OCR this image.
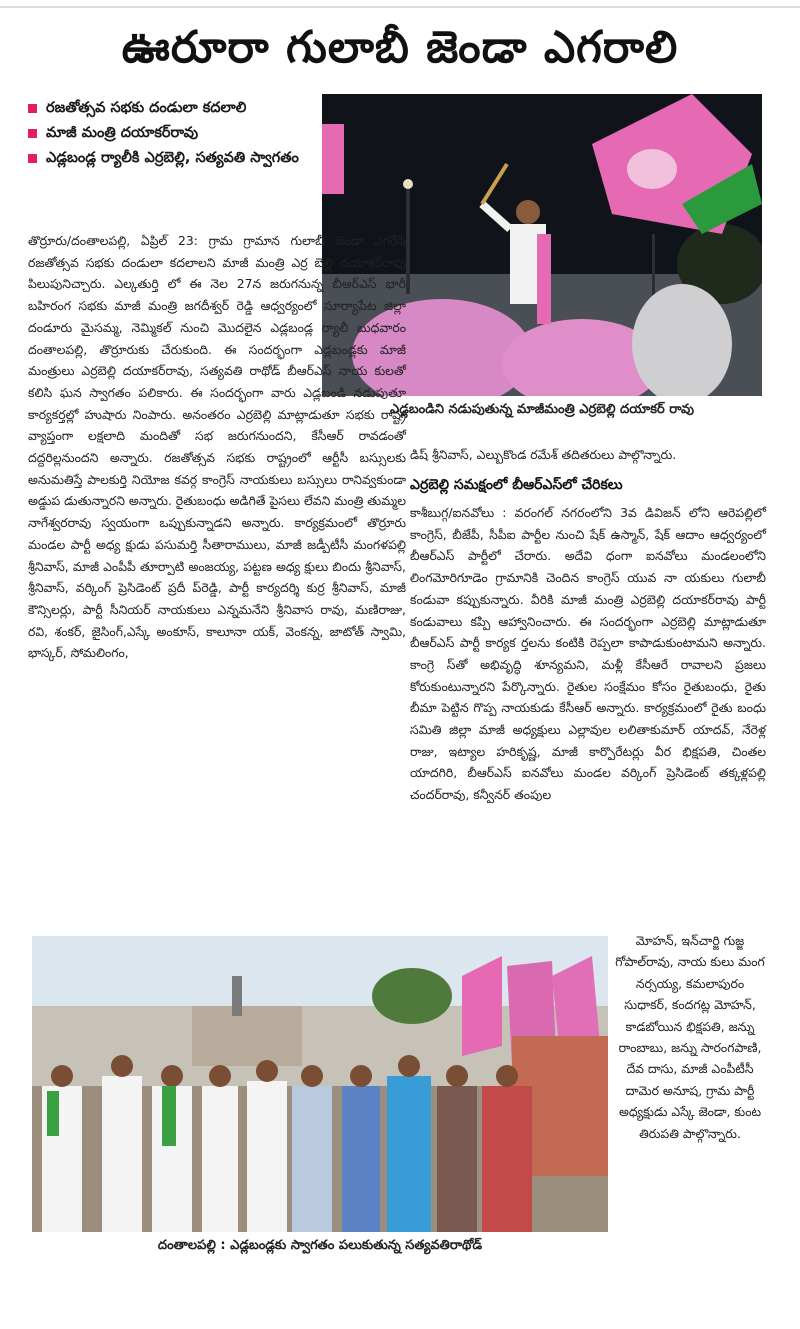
ఊరూరా గులాబీ జెండా ఎగరాలి
రజతోత్సవ సభకు దండులా కదలాలి
మాజీ మంత్రి దయాకర్‌రావు
ఎడ్లబండ్ల ర్యాలీకి ఎర్రబెల్లి, సత్యవతి స్వాగతం
ఎడ్లబండిని నడుపుతున్న మాజీమంత్రి ఎర్రబెల్లి దయాకర్ రావు
తొర్రూరు/దంతాలపల్లి, ఏప్రిల్ 23: గ్రామ గ్రామాన గులాబీ జెండా ఎగరేసి రజతోత్సవ సభకు దండులా కదలాలని మాజీ మంత్రి ఎర్ర బెల్లి దయాకర్‌రావు పిలుపునిచ్చారు. ఎల్కతుర్తి లో ఈ నెల 27న జరుగనున్న బీఆర్‌ఎస్ భారీ బహిరంగ సభకు మాజీ మంత్రి జగదీశ్వర్ రెడ్డి ఆధ్వర్యంలో సూర్యాపేట జిల్లా దండూరు మైసమ్మ, నెమ్మికల్ నుంచి మొదలైన ఎడ్లబండ్ల ర్యాలీ బుధవారం దంతాలపల్లి, తొర్రూరుకు చేరుకుంది. ఈ సందర్భంగా ఎడ్లబండ్లకు మాజీ మంత్రులు ఎర్రబెల్లి దయాకర్‌రావు, సత్యవతి రాథోడ్ బీఆర్‌ఎస్ నాయ కులతో కలిసి ఘన స్వాగతం పలికారు. ఈ సందర్భంగా వారు ఎడ్లబండి నడుపుతూ కార్యకర్తల్లో హుషారు నింపారు. అనంతరం ఎర్రబెల్లి మాట్లాడుతూ సభకు రాష్ట్ర వ్యాప్తంగా లక్షలాది మందితో సభ జరుగనుందని, కేసీఆర్ రావడంతో దద్దరిల్లనుందని అన్నారు. రజతోత్సవ సభకు రాష్ట్రంలో ఆర్టీసీ బస్సులకు అనుమతిస్తే పాలకుర్తి నియోజ కవర్గ కాంగ్రెస్ నాయకులు బస్సులు రానివ్వకుండా అడ్డుప డుతున్నారని అన్నారు. రైతుబంధు అడిగితే పైసలు లేవని మంత్రి తుమ్మల నాగేశ్వరరావు స్వయంగా ఒప్పుకున్నాడని అన్నారు. కార్యక్రమంలో తొర్రూరు మండల పార్టీ అధ్య క్షుడు పసుమర్తి సీతారాములు, మాజీ జడ్పీటీసీ మంగళపల్లి శ్రీనివాస్, మాజీ ఎంపీపీ తూర్పాటి అంజయ్య, పట్టణ అధ్య క్షులు బిందు శ్రీనివాస్, శ్రీనివాస్, వర్కింగ్ ప్రెసిడెంట్ ప్రదీ ప్‌రెడ్డి, పార్టీ కార్యదర్శి కుర్ర శ్రీనివాస్, మాజీ కౌన్సిలర్లు, పార్టీ సీనియర్ నాయకులు ఎన్నమనేని శ్రీనివాస రావు, మణిరాజు, రవి, శంకర్, జైసింగ్,ఎస్కే అంకూస్, కాలూనా యక్, వెంకన్న, జాటోత్ స్వామి, భాస్కర్, సోమలింగం,
డిష్ శ్రీనివాస్, ఎల్బుకొండ రమేశ్ తదితరులు పాల్గొన్నారు.
ఎర్రబెల్లి సమక్షంలో బీఆర్‌ఎస్‌లో చేరికలు
కాశీబుగ్గ/ఐనవోలు : వరంగల్ నగరంలోని 3వ డివిజన్ లోని ఆరెపల్లిలో కాంగ్రెస్, బీజేపీ, సీపీఐ పార్టీల నుంచి షేక్ ఉస్మాన్, షేక్ ఆదాం ఆధ్వర్యంలో బీఆర్‌ఎస్ పార్టీలో చేరారు. అదేవి ధంగా ఐనవోలు మండలంలోని లింగమోరిగూడెం గ్రామానికి చెందిన కాంగ్రెస్ యువ నా యకులు గులాబీ కండువా కప్పుకున్నారు. వీరికి మాజీ మంత్రి ఎర్రబెల్లి దయాకర్‌రావు పార్టీ కండువాలు కప్పి ఆహ్వానించారు. ఈ సందర్భంగా ఎర్రబెల్లి మాట్లాడుతూ బీఆర్‌ఎస్ పార్టీ కార్యక ర్తలను కంటికి రెప్పలా కాపాడుకుంటామని అన్నారు. కాంగ్రె స్‌తో అభివృద్ధి శూన్యమని, మళ్లీ కేసీఆరే రావాలని ప్రజలు కోరుకుంటున్నారని పేర్కొన్నారు. రైతుల సంక్షేమం కోసం రైతుబంధు, రైతు బీమా పెట్టిన గొప్ప నాయకుడు కేసీఆర్ అన్నారు. కార్యక్రమంలో రైతు బంధు సమితి జిల్లా మాజీ అధ్యక్షులు ఎల్లావుల లలితాకుమార్ యాదవ్, నేరెళ్ల రాజు, ఇట్యాల హరికృష్ణ, మాజీ కార్పొరేటర్లు వీర భిక్షపతి, చింతల యాదగిరి, బీఆర్‌ఎస్ ఐనవోలు మండల వర్కింగ్ ప్రెసిడెంట్ తక్కళ్లపల్లి చందర్‌రావు, కన్వీనర్ తంపుల
దంతాలపల్లి : ఎడ్లబండ్లకు స్వాగతం పలుకుతున్న సత్యవతిరాథోడ్
మోహన్, ఇన్‌చార్జి గుజ్జ గోపాల్‌రావు, నాయ కులు మంగ నర్సయ్య, కమలాపురం సుధాకర్, కందగట్ల మోహన్, కాడబోయిన భిక్షపతి, జన్ను రాంబాబు, జన్ను సారంగపాణి, దేవ దాసు, మాజీ ఎంపీటీసీ దామెర అనూష, గ్రామ పార్టీ అధ్యక్షుడు ఎస్కే జెండా, కుంట తిరుపతి పాల్గొన్నారు.
